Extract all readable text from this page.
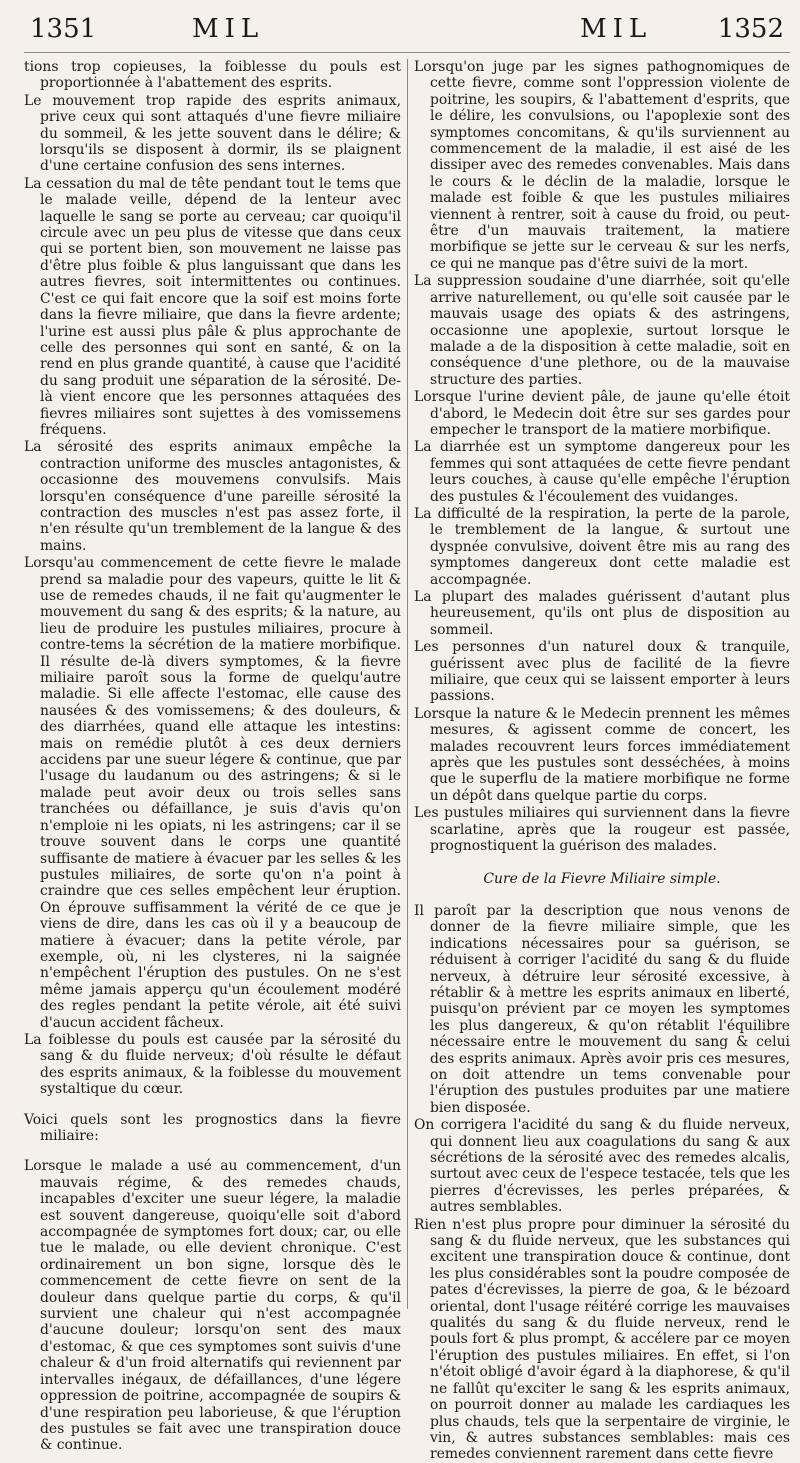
1351	MIL	MIL	1352

tions trop copieuses, la foiblesse du pouls est proportionnée à l'abattement des esprits.

Le mouvement trop rapide des esprits animaux, prive ceux qui sont attaqués d'une fievre miliaire du sommeil, & les jette souvent dans le délire; & lorsqu'ils se disposent à dormir, ils se plaignent d'une certaine confusion des sens internes.

La cessation du mal de tête pendant tout le tems que le malade veille, dépend de la lenteur avec laquelle le sang se porte au cerveau; car quoiqu'il circule avec un peu plus de vitesse que dans ceux qui se portent bien, son mouvement ne laisse pas d'être plus foible & plus languissant que dans les autres fievres, soit intermittentes ou continues. C'est ce qui fait encore que la soif est moins forte dans la fievre miliaire, que dans la fievre ardente; l'urine est aussi plus pâle & plus approchante de celle des personnes qui sont en santé, & on la rend en plus grande quantité, à cause que l'acidité du sang produit une séparation de la sérosité. De-là vient encore que les personnes attaquées des fievres miliaires sont sujettes à des vomissemens fréquens.

La sérosité des esprits animaux empêche la contraction uniforme des muscles antagonistes, & occasionne des mouvemens convulsifs. Mais lorsqu'en conséquence d'une pareille sérosité la contraction des muscles n'est pas assez forte, il n'en résulte qu'un tremblement de la langue & des mains.

Lorsqu'au commencement de cette fievre le malade prend sa maladie pour des vapeurs, quitte le lit & use de remedes chauds, il ne fait qu'augmenter le mouvement du sang & des esprits; & la nature, au lieu de produire les pustules miliaires, procure à contre-tems la sécrétion de la matiere morbifique. Il résulte de-là divers symptomes, & la fievre miliaire paroît sous la forme de quelqu'autre maladie. Si elle affecte l'estomac, elle cause des nausées & des vomissemens; & des douleurs, & des diarrhées, quand elle attaque les intestins: mais on remédie plutôt à ces deux derniers accidens par une sueur légere & continue, que par l'usage du laudanum ou des astringens; & si le malade peut avoir deux ou trois selles sans tranchées ou défaillance, je suis d'avis qu'on n'emploie ni les opiats, ni les astringens; car il se trouve souvent dans le corps une quantité suffisante de matiere à évacuer par les selles & les pustules miliaires, de sorte qu'on n'a point à craindre que ces selles empêchent leur éruption. On éprouve suffisamment la vérité de ce que je viens de dire, dans les cas où il y a beaucoup de matiere à évacuer; dans la petite vérole, par exemple, où, ni les clysteres, ni la saignée n'empêchent l'éruption des pustules. On ne s'est même jamais apperçu qu'un écoulement modéré des regles pendant la petite vérole, ait été suivi d'aucun accident fâcheux.

La foiblesse du pouls est causée par la sérosité du sang & du fluide nerveux; d'où résulte le défaut des esprits animaux, & la foiblesse du mouvement systaltique du cœur.

Voici quels sont les prognostics dans la fievre miliaire:

Lorsque le malade a usé au commencement, d'un mauvais régime, & des remedes chauds, incapables d'exciter une sueur légere, la maladie est souvent dangereuse, quoiqu'elle soit d'abord accompagnée de symptomes fort doux; car, ou elle tue le malade, ou elle devient chronique. C'est ordinairement un bon signe, lorsque dès le commencement de cette fievre on sent de la douleur dans quelque partie du corps, & qu'il survient une chaleur qui n'est accompagnée d'aucune douleur; lorsqu'on sent des maux d'estomac, & que ces symptomes sont suivis d'une chaleur & d'un froid alternatifs qui reviennent par intervalles inégaux, de défaillances, d'une légere oppression de poitrine, accompagnée de soupirs & d'une respiration peu laborieuse, & que l'éruption des pustules se fait avec une transpiration douce & continue.

Lorsqu'on juge par les signes pathognomiques de cette fievre, comme sont l'oppression violente de poitrine, les soupirs, & l'abattement d'esprits, que le délire, les convulsions, ou l'apoplexie sont des symptomes concomitans, & qu'ils surviennent au commencement de la maladie, il est aisé de les dissiper avec des remedes convenables. Mais dans le cours & le déclin de la maladie, lorsque le malade est foible & que les pustules miliaires viennent à rentrer, soit à cause du froid, ou peut-être d'un mauvais traitement, la matiere morbifique se jette sur le cerveau & sur les nerfs, ce qui ne manque pas d'être suivi de la mort.

La suppression soudaine d'une diarrhée, soit qu'elle arrive naturellement, ou qu'elle soit causée par le mauvais usage des opiats & des astringens, occasionne une apoplexie, surtout lorsque le malade a de la disposition à cette maladie, soit en conséquence d'une plethore, ou de la mauvaise structure des parties.

Lorsque l'urine devient pâle, de jaune qu'elle étoit d'abord, le Medecin doit être sur ses gardes pour empecher le transport de la matiere morbifique.

La diarrhée est un symptome dangereux pour les femmes qui sont attaquées de cette fievre pendant leurs couches, à cause qu'elle empêche l'éruption des pustules & l'écoulement des vuidanges.

La difficulté de la respiration, la perte de la parole, le tremblement de la langue, & surtout une dyspnée convulsive, doivent être mis au rang des symptomes dangereux dont cette maladie est accompagnée.

La plupart des malades guérissent d'autant plus heureusement, qu'ils ont plus de disposition au sommeil.

Les personnes d'un naturel doux & tranquile, guérissent avec plus de facilité de la fievre miliaire, que ceux qui se laissent emporter à leurs passions.

Lorsque la nature & le Medecin prennent les mêmes mesures, & agissent comme de concert, les malades recouvrent leurs forces immédiatement après que les pustules sont desséchées, à moins que le superflu de la matiere morbifique ne forme un dépôt dans quelque partie du corps.

Les pustules miliaires qui surviennent dans la fievre scarlatine, après que la rougeur est passée, prognostiquent la guérison des malades.

Cure de la Fievre Miliaire simple.

Il paroît par la description que nous venons de donner de la fievre miliaire simple, que les indications nécessaires pour sa guérison, se réduisent à corriger l'acidité du sang & du fluide nerveux, à détruire leur sérosité excessive, à rétablir & à mettre les esprits animaux en liberté, puisqu'on prévient par ce moyen les symptomes les plus dangereux, & qu'on rétablit l'équilibre nécessaire entre le mouvement du sang & celui des esprits animaux. Après avoir pris ces mesures, on doit attendre un tems convenable pour l'éruption des pustules produites par une matiere bien disposée.

On corrigera l'acidité du sang & du fluide nerveux, qui donnent lieu aux coagulations du sang & aux sécrétions de la sérosité avec des remedes alcalis, surtout avec ceux de l'espece testacée, tels que les pierres d'écrevisses, les perles préparées, & autres semblables.

Rien n'est plus propre pour diminuer la sérosité du sang & du fluide nerveux, que les substances qui excitent une transpiration douce & continue, dont les plus considérables sont la poudre composée de pates d'écrevisses, la pierre de goa, & le bézoard oriental, dont l'usage réitéré corrige les mauvaises qualités du sang & du fluide nerveux, rend le pouls fort & plus prompt, & accélere par ce moyen l'éruption des pustules miliaires. En effet, si l'on n'étoit obligé d'avoir égard à la diaphorese, & qu'il ne fallût qu'exciter le sang & les esprits animaux, on pourroit donner au malade les cardiaques les plus chauds, tels que la serpentaire de virginie, le vin, & autres substances semblables: mais ces remedes conviennent rarement dans cette fievre
